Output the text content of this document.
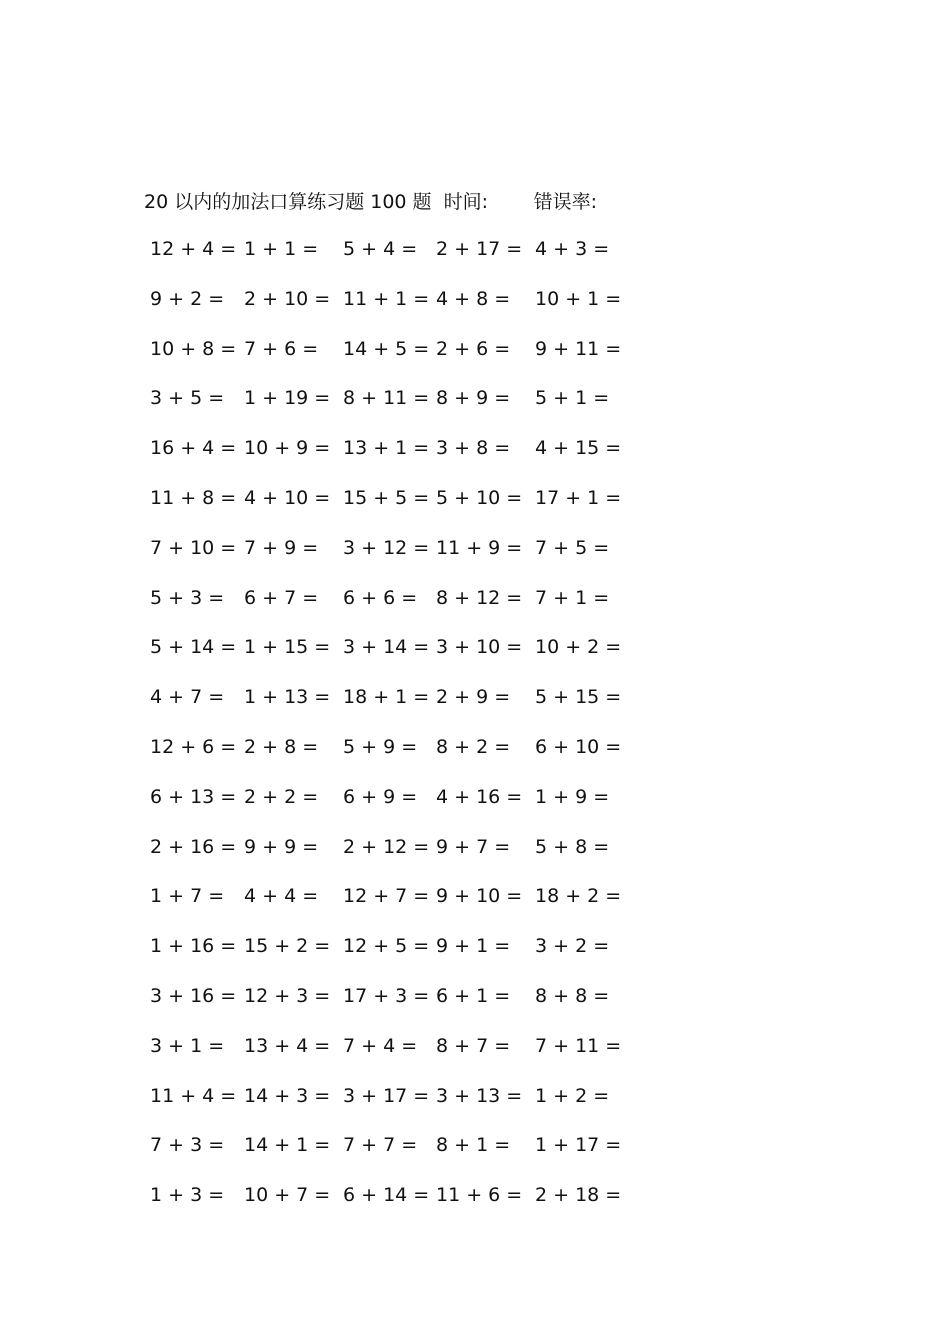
20 以内的加法口算练习题 100 题 时间:	错误率:
12 + 4 = 1 + 1 = 5 + 4 = 2 + 17 = 4 + 3 =
9 + 2 = 2 + 10 = 11 + 1 = 4 + 8 = 10 + 1 =
10 + 8 = 7 + 6 = 14 + 5 = 2 + 6 = 9 + 11 =
3 + 5 = 1 + 19 = 8 + 11 = 8 + 9 = 5 + 1 =
16 + 4 = 10 + 9 = 13 + 1 = 3 + 8 = 4 + 15 =
11 + 8 = 4 + 10 = 15 + 5 = 5 + 10 = 17 + 1 =
7 + 10 = 7 + 9 = 3 + 12 = 11 + 9 = 7 + 5 =
5 + 3 = 6 + 7 = 6 + 6 = 8 + 12 = 7 + 1 =
5 + 14 = 1 + 15 = 3 + 14 = 3 + 10 = 10 + 2 =
4 + 7 = 1 + 13 = 18 + 1 = 2 + 9 = 5 + 15 =
12 + 6 = 2 + 8 = 5 + 9 = 8 + 2 = 6 + 10 =
6 + 13 = 2 + 2 = 6 + 9 = 4 + 16 = 1 + 9 =
2 + 16 = 9 + 9 = 2 + 12 = 9 + 7 = 5 + 8 =
1 + 7 = 4 + 4 = 12 + 7 = 9 + 10 = 18 + 2 =
1 + 16 = 15 + 2 = 12 + 5 = 9 + 1 = 3 + 2 =
3 + 16 = 12 + 3 = 17 + 3 = 6 + 1 = 8 + 8 =
3 + 1 = 13 + 4 = 7 + 4 = 8 + 7 = 7 + 11 =
11 + 4 = 14 + 3 = 3 + 17 = 3 + 13 = 1 + 2 =
7 + 3 = 14 + 1 = 7 + 7 = 8 + 1 = 1 + 17 =
1 + 3 = 10 + 7 = 6 + 14 = 11 + 6 = 2 + 18 =
